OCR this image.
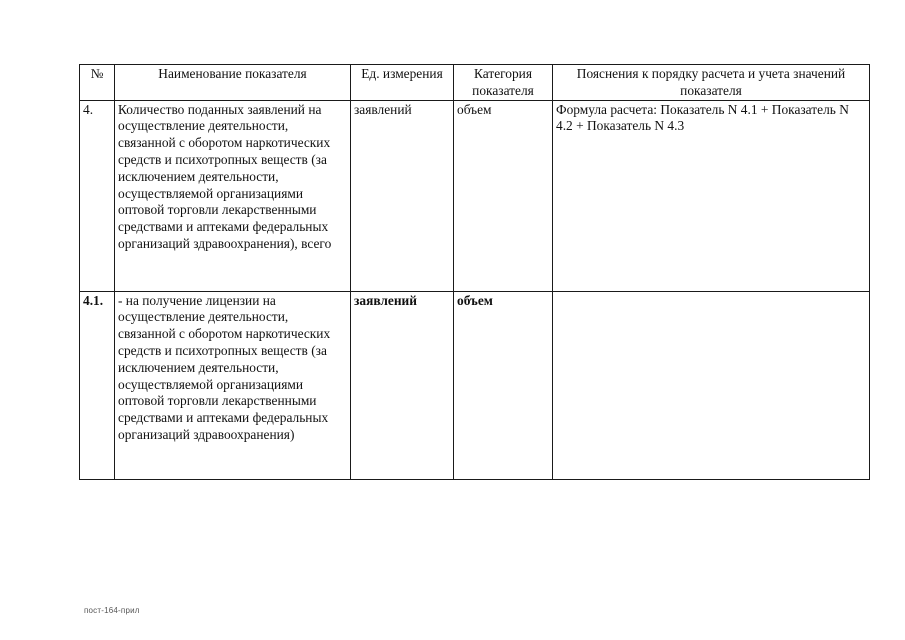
№	Наименование показателя	Ед. измерения	Категория показателя	Пояснения к порядку расчета и учета значений показателя
4.	Количество поданных заявлений на осуществление деятельности, связанной с оборотом наркотических средств и психотропных веществ (за исключением деятельности, осуществляемой организациями оптовой торговли лекарственными средствами и аптеками федеральных организаций здравоохранения), всего	заявлений	объем	Формула расчета: Показатель N 4.1 + Показатель N 4.2 + Показатель N 4.3
4.1.	- на получение лицензии на осуществление деятельности, связанной с оборотом наркотических средств и психотропных веществ (за исключением деятельности, осуществляемой организациями оптовой торговли лекарственными средствами и аптеками федеральных организаций здравоохранения)	заявлений	объем	
пост-164-прил
